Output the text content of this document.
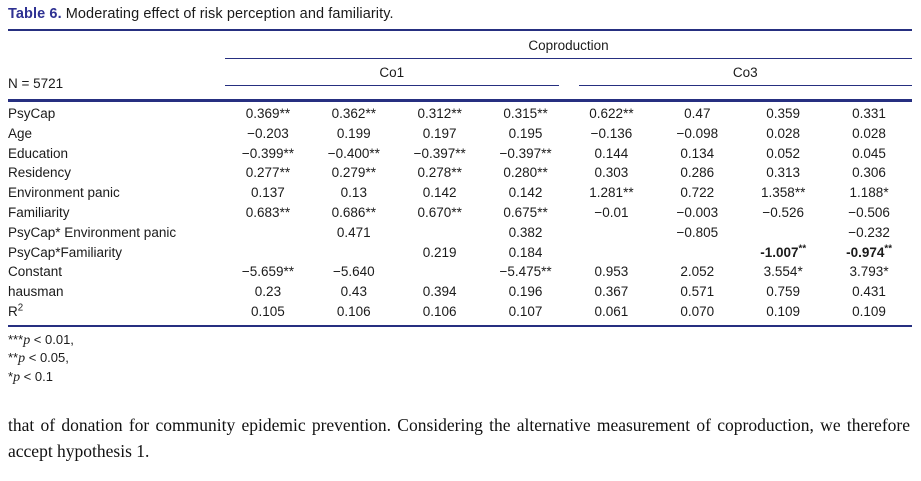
Table 6. Moderating effect of risk perception and familiarity.
N = 5721	Coproduction							

	Co1				Co3			

PsyCap	0.369**	0.362**	0.312**	0.315**	0.622**	0.47	0.359	0.331
Age	−0.203	0.199	0.197	0.195	−0.136	−0.098	0.028	0.028
Education	−0.399**	−0.400**	−0.397**	−0.397**	0.144	0.134	0.052	0.045
Residency	0.277**	0.279**	0.278**	0.280**	0.303	0.286	0.313	0.306
Environment panic	0.137	0.13	0.142	0.142	1.281**	0.722	1.358**	1.188*
Familiarity	0.683**	0.686**	0.670**	0.675**	−0.01	−0.003	−0.526	−0.506
PsyCap* Environment panic		0.471		0.382		−0.805		−0.232
PsyCap*Familiarity			0.219	0.184			-1.007**	-0.974**
Constant	−5.659**	−5.640		−5.475**	0.953	2.052	3.554*	3.793*
hausman	0.23	0.43	0.394	0.196	0.367	0.571	0.759	0.431
$R^2$	0.105	0.106	0.106	0.107	0.061	0.070	0.109	0.109
***p < 0.01,
**p < 0.05,
*p < 0.1

that of donation for community epidemic prevention. Considering the alternative measurement of coproduction, we therefore accept hypothesis 1.
